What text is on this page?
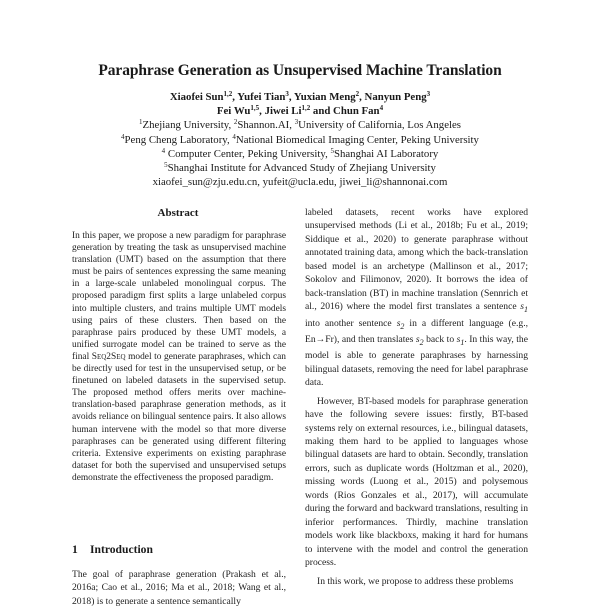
Paraphrase Generation as Unsupervised Machine Translation
Xiaofei Sun$^{1,2}$, Yufei Tian$^3$, Yuxian Meng$^2$, Nanyun Peng$^3$
Fei Wu$^{1,5}$, Jiwei Li$^{1,2}$ and Chun Fan$^4$
$^1$Zhejiang University, $^2$Shannon.AI, $^3$University of California, Los Angeles
$^4$Peng Cheng Laboratory, $^4$National Biomedical Imaging Center, Peking University
$^4$ Computer Center, Peking University, $^5$Shanghai AI Laboratory
$^5$Shanghai Institute for Advanced Study of Zhejiang University
xiaofei_sun@zju.edu.cn, yufeit@ucla.edu, jiwei_li@shannonai.com
Abstract
In this paper, we propose a new paradigm for paraphrase generation by treating the task as unsupervised machine translation (UMT) based on the assumption that there must be pairs of sentences expressing the same meaning in a large-scale unlabeled monolingual corpus. The proposed paradigm first splits a large unlabeled corpus into multiple clusters, and trains multiple UMT models using pairs of these clusters. Then based on the paraphrase pairs produced by these UMT models, a unified surrogate model can be trained to serve as the final Seq2Seq model to generate paraphrases, which can be directly used for test in the unsupervised setup, or be finetuned on labeled datasets in the supervised setup. The proposed method offers merits over machine-translation-based paraphrase generation methods, as it avoids reliance on bilingual sentence pairs. It also allows human intervene with the model so that more diverse paraphrases can be generated using different filtering criteria. Extensive experiments on existing paraphrase dataset for both the supervised and unsupervised setups demonstrate the effectiveness the proposed paradigm.
1 Introduction
The goal of paraphrase generation (Prakash et al., 2016a; Cao et al., 2016; Ma et al., 2018; Wang et al., 2018) is to generate a sentence semantically

labeled datasets, recent works have explored unsupervised methods (Li et al., 2018b; Fu et al., 2019; Siddique et al., 2020) to generate paraphrase without annotated training data, among which the back-translation based model is an archetype (Mallinson et al., 2017; Sokolov and Filimonov, 2020). It borrows the idea of back-translation (BT) in machine translation (Sennrich et al., 2016) where the model first translates a sentence $s_1$ into another sentence $s_2$ in a different language (e.g., En→Fr), and then translates $s_2$ back to $s_1$. In this way, the model is able to generate paraphrases by harnessing bilingual datasets, removing the need for label paraphrase data.

However, BT-based models for paraphrase generation have the following severe issues: firstly, BT-based systems rely on external resources, i.e., bilingual datasets, making them hard to be applied to languages whose bilingual datasets are hard to obtain. Secondly, translation errors, such as duplicate words (Holtzman et al., 2020), missing words (Luong et al., 2015) and polysemous words (Rios Gonzales et al., 2017), will accumulate during the forward and backward translations, resulting in inferior performances. Thirdly, machine translation models work like blackboxs, making it hard for humans to intervene with the model and control the generation process.

In this work, we propose to address these problems
